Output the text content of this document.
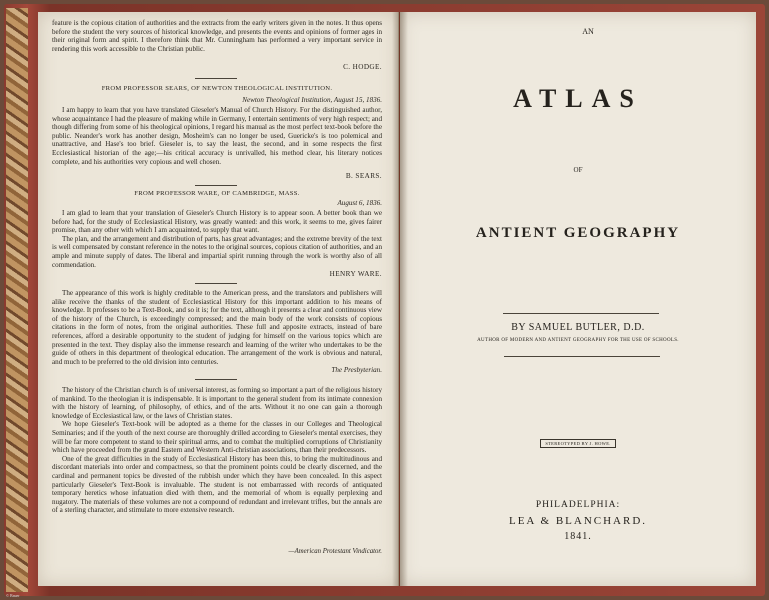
feature is the copious citation of authorities and the extracts from the early writers given in the notes. It thus opens before the student the very sources of historical knowledge, and presents the events and opinions of former ages in their original form and spirit. I therefore think that Mr. Cunningham has performed a very important service in rendering this work accessible to the Christian public.

C. HODGE.
FROM PROFESSOR SEARS, OF NEWTON THEOLOGICAL INSTITUTION.
Newton Theological Institution, August 15, 1836.

I am happy to learn that you have translated Gieseler's Manual of Church History. For the distinguished author, whose acquaintance I had the pleasure of making while in Germany, I entertain sentiments of very high respect; and though differing from some of his theological opinions, I regard his manual as the most perfect text-book before the public. Neander's work has another design, Mosheim's can no longer be used, Guericke's is too polemical and unattractive, and Hase's too brief. Gieseler is, to say the least, the second, and in some respects the first Ecclesiastical historian of the age;—his critical accuracy is unrivalled, his method clear, his literary notices complete, and his authorities very copious and well chosen.

B. SEARS.
FROM PROFESSOR WARE, OF CAMBRIDGE, MASS.
August 6, 1836.

I am glad to learn that your translation of Gieseler's Church History is to appear soon. A better book than we before had, for the study of Ecclesiastical History, was greatly wanted: and this work, it seems to me, gives fairer promise, than any other with which I am acquainted, to supply that want.

The plan, and the arrangement and distribution of parts, has great advantages; and the extreme brevity of the text is well compensated by constant reference in the notes to the original sources, copious citation of authorities, and an ample and minute supply of dates. The liberal and impartial spirit running through the work is worthy also of all commendation.

HENRY WARE.

The appearance of this work is highly creditable to the American press, and the translators and publishers will alike receive the thanks of the student of Ecclesiastical History for this important addition to his means of knowledge. It professes to be a Text-Book, and so it is; for the text, although it presents a clear and continuous view of the history of the Church, is exceedingly compressed; and the main body of the work consists of copious citations in the form of notes, from the original authorities. These full and apposite extracts, instead of bare references, afford a desirable opportunity to the student of judging for himself on the various topics which are presented in the text. They display also the immense research and learning of the writer who undertakes to be the guide of others in this department of theological education. The arrangement of the work is obvious and natural, and much to be preferred to the old division into centuries.

The Presbyterian.

The history of the Christian church is of universal interest, as forming so important a part of the religious history of mankind. To the theologian it is indispensable. It is important to the general student from its intimate connexion with the history of learning, of philosophy, of ethics, and of the arts. Without it no one can gain a thorough knowledge of Ecclesiastical law, or the laws of Christian states.

We hope Gieseler's Text-book will be adopted as a theme for the classes in our Colleges and Theological Seminaries; and if the youth of the next course are thoroughly drilled according to Gieseler's mental exercises, they will be far more competent to stand to their spiritual arms, and to combat the multiplied corruptions of Christianity which have proceeded from the grand Eastern and Western Anti-christian associations, than their predecessors.

One of the great difficulties in the study of Ecclesiastical History has been this, to bring the multitudinous and discordant materials into order and compactness, so that the prominent points could be clearly discerned, and the cardinal and permanent topics be divested of the rubbish under which they have been concealed. In this aspect particularly Gieseler's Text-Book is invaluable. The student is not embarrassed with records of antiquated temporary heretics whose infatuation died with them, and the memorial of whom is equally perplexing and nugatory. The materials of these volumes are not a compound of redundant and irrelevant trifles, but the annals are of a sterling character, and stimulate to more extensive research.

—American Protestant Vindicator.
AN
ATLAS
OF
ANTIENT GEOGRAPHY
BY SAMUEL BUTLER, D.D.
AUTHOR OF MODERN AND ANTIENT GEOGRAPHY FOR THE USE OF SCHOOLS.
STEREOTYPED BY J. HOWE.
PHILADELPHIA:
LEA & BLANCHARD.
1841.
© Bauer
